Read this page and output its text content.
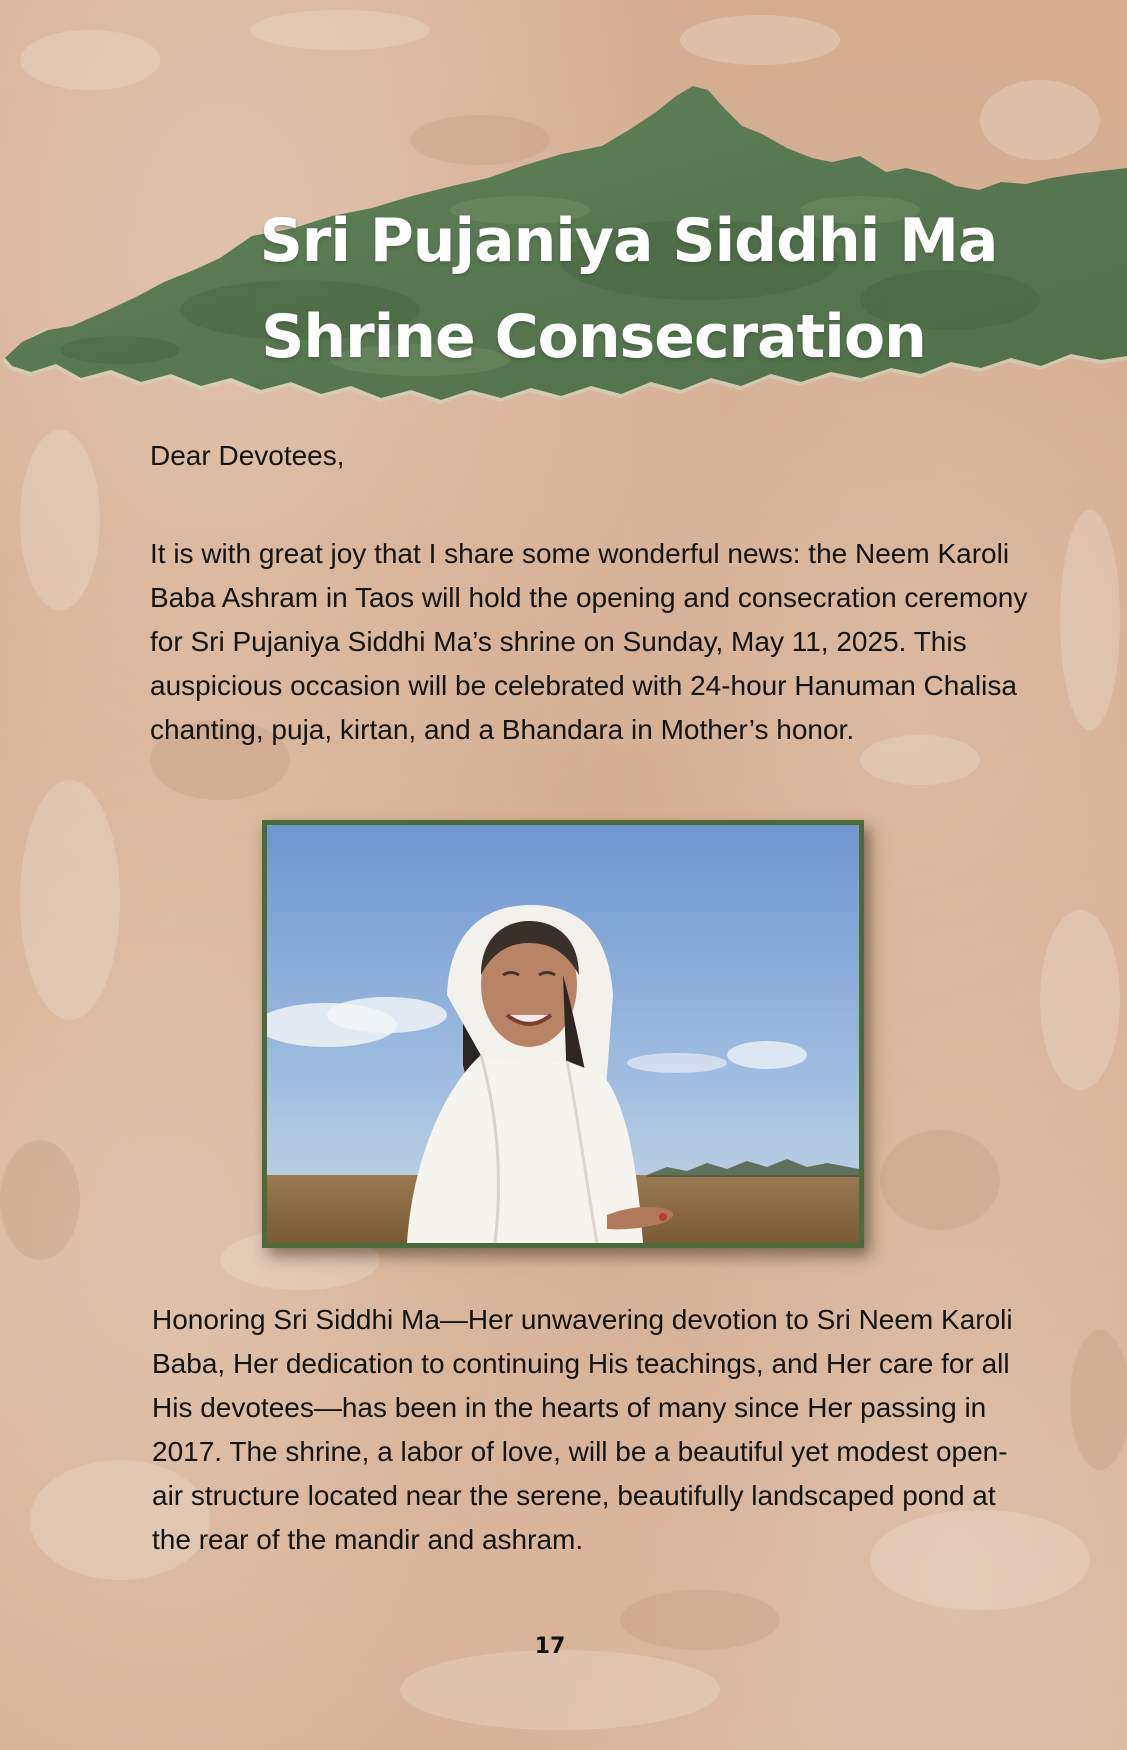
Sri Pujaniya Siddhi Ma
Shrine Consecration

Dear Devotees,

It is with great joy that I share some wonderful news: the Neem Karoli Baba Ashram in Taos will hold the opening and consecration ceremony for Sri Pujaniya Siddhi Ma’s shrine on Sunday, May 11, 2025. This auspicious occasion will be celebrated with 24-hour Hanuman Chalisa chanting, puja, kirtan, and a Bhandara in Mother’s honor.

Honoring Sri Siddhi Ma—Her unwavering devotion to Sri Neem Karoli Baba, Her dedication to continuing His teachings, and Her care for all His devotees—has been in the hearts of many since Her passing in 2017. The shrine, a labor of love, will be a beautiful yet modest open-air structure located near the serene, beautifully landscaped pond at the rear of the mandir and ashram.

17
